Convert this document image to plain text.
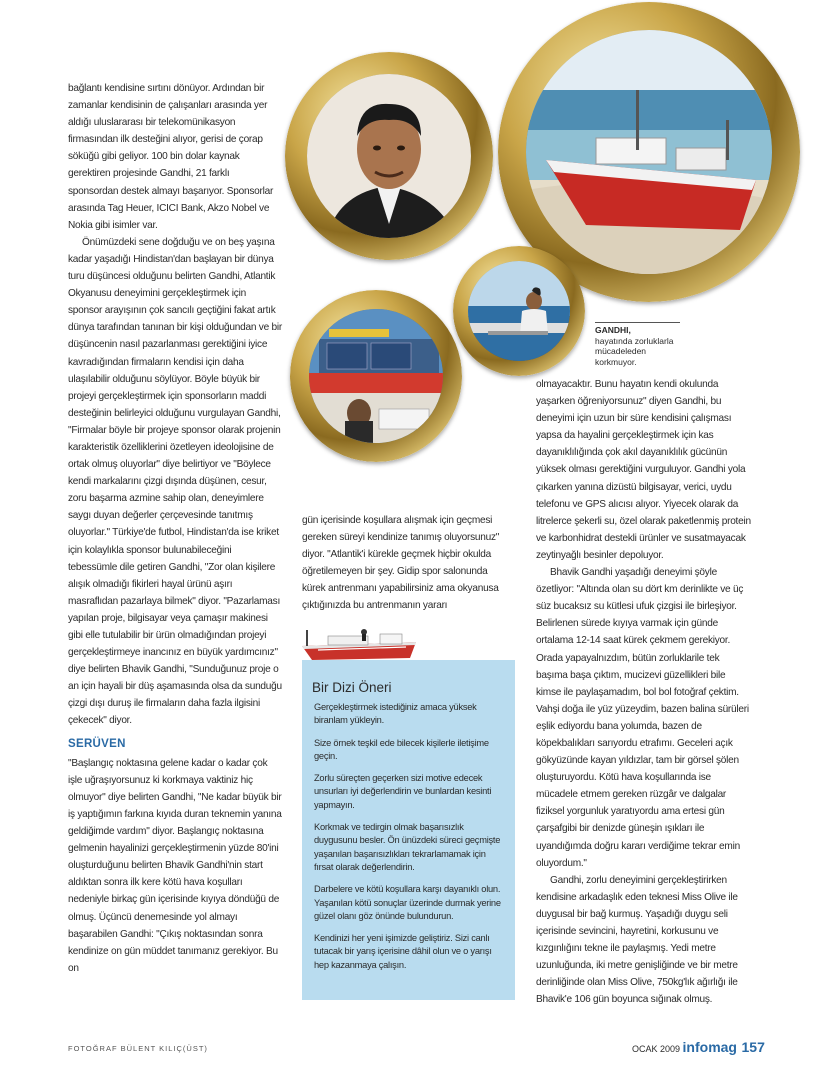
bağlantı kendisine sırtını dönüyor. Ardından bir zamanlar kendisinin de çalışanları arasında yer aldığı uluslararası bir telekomünikasyon firmasından ilk desteğini alıyor, gerisi de çorap söküğü gibi geliyor. 100 bin dolar kaynak gerektiren projesinde Gandhi, 21 farklı sponsordan destek almayı başarıyor. Sponsorlar arasında Tag Heuer, ICICI Bank, Akzo Nobel ve Nokia gibi isimler var.

Önümüzdeki sene doğduğu ve on beş yaşına kadar yaşadığı Hindistan'dan başlayan bir dünya turu düşüncesi olduğunu belirten Gandhi, Atlantik Okyanusu deneyimini gerçekleştirmek için sponsor arayışının çok sancılı geçtiğini fakat artık dünya tarafından tanınan bir kişi olduğundan ve bir düşüncenin nasıl pazarlanması gerektiğini iyice kavradığından firmaların kendisi için daha ulaşılabilir olduğunu söylüyor. Böyle büyük bir projeyi gerçekleştirmek için sponsorların maddi desteğinin belirleyici olduğunu vurgulayan Gandhi, "Firmalar böyle bir projeye sponsor olarak projenin karakteristik özelliklerini özetleyen ideolojisine de ortak olmuş oluyorlar" diye belirtiyor ve "Böylece kendi markalarını çizgi dışında düşünen, cesur, zoru başarma azmine sahip olan, deneyimlere saygı duyan değerler çerçevesinde tanıtmış oluyorlar." Türkiye'de futbol, Hindistan'da ise kriket için kolaylıkla sponsor bulunabileceğini tebessümle dile getiren Gandhi, "Zor olan kişilere alışık olmadığı fikirleri hayal ürünü aşırı masraflıdan pazarlaya bilmek" diyor. "Pazarlaması yapılan proje, bilgisayar veya çamaşır makinesi gibi elle tutulabilir bir ürün olmadığından projeyi gerçekleştirmeye inancınız en büyük yardımcınız" diye belirten Bhavik Gandhi, "Sunduğunuz proje o an için hayali bir düş aşamasında olsa da sunduğu çizgi dışı duruş ile firmaların daha fazla ilgisini çekecek" diyor.

SERÜVEN

"Başlangıç noktasına gelene kadar o kadar çok işle uğraşıyorsunuz ki korkmaya vaktiniz hiç olmuyor" diye belirten Gandhi, "Ne kadar büyük bir iş yaptığımın farkına kıyıda duran teknemin yanına geldiğimde vardım" diyor. Başlangıç noktasına gelmenin hayalinizi gerçekleştirmenin yüzde 80'ini oluşturduğunu belirten Bhavik Gandhi'nin start aldıktan sonra ilk kere kötü hava koşulları nedeniyle birkaç gün içerisinde kıyıya döndüğü de olmuş. Üçüncü denemesinde yol almayı başarabilen Gandhi: "Çıkış noktasından sonra kendinize on gün müddet tanımanız gerekiyor. Bu on

gün içerisinde koşullara alışmak için geçmesi gereken süreyi kendinize tanımış oluyorsunuz" diyor. "Atlantik'i kürekle geçmek hiçbir okulda öğretilemeyen bir şey. Gidip spor salonunda kürek antrenmanı yapabilirsiniz ama okyanusa çıktığınızda bu antrenmanın yararı

olmayacaktır. Bunu hayatın kendi okulunda yaşarken öğreniyorsunuz" diyen Gandhi, bu deneyimi için uzun bir süre kendisini çalışması yapsa da hayalini gerçekleştirmek için kas dayanıklılığında çok akıl dayanıklılık gücünün yüksek olması gerektiğini vurguluyor. Gandhi yola çıkarken yanına dizüstü bilgisayar, verici, uydu telefonu ve GPS alıcısı alıyor. Yiyecek olarak da litrelerce şekerli su, özel olarak paketlenmiş protein ve karbonhidrat destekli ürünler ve susatmayacak zeytinyağlı besinler depoluyor.

Bhavik Gandhi yaşadığı deneyimi şöyle özetliyor: "Altında olan su dört km derinlikte ve üç süz bucaksız su kütlesi ufuk çizgisi ile birleşiyor. Belirlenen sürede kıyıya varmak için günde ortalama 12-14 saat kürek çekmem gerekiyor. Orada yapayalnızdım, bütün zorluklarile tek başıma başa çıktım, mucizevi güzellikleri bile kimse ile paylaşamadım, bol bol fotoğraf çektim. Vahşi doğa ile yüz yüzeydim, bazen balina sürüleri eşlik ediyordu bana yolumda, bazen de köpekbalıkları sarıyordu etrafımı. Geceleri açık gökyüzünde kayan yıldızlar, tam bir görsel şölen oluşturuyordu. Kötü hava koşullarında ise mücadele etmem gereken rüzgâr ve dalgalar fiziksel yorgunluk yaratıyordu ama ertesi gün çarşafgibi bir denizde güneşin ışıkları ile uyandığımda doğru kararı verdiğime tekrar emin oluyordum."

Gandhi, zorlu deneyimini gerçekleştirirken kendisine arkadaşlık eden teknesi Miss Olive ile duygusal bir bağ kurmuş. Yaşadığı duygu seli içerisinde sevincini, hayretini, korkusunu ve kızgınlığını tekne ile paylaşmış. Yedi metre uzunluğunda, iki metre genişliğinde ve bir metre derinliğinde olan Miss Olive, 750kg'lık ağırlığı ile Bhavik'e 106 gün boyunca sığınak olmuş.

Bir Dizi Öneri

Gerçekleştirmek istediğiniz amaca yüksek biranlam yükleyin.

Size örnek teşkil ede bilecek kişilerle iletişime geçin.

Zorlu süreçten geçerken sizi motive edecek unsurları iyi değerlendirin ve bunlardan kesinti yapmayın.

Korkmak ve tedirgin olmak başarısızlık duygusunu besler. Ön ünüzdeki süreci geçmişte yaşanılan başarısızlıkları tekrarlamamak için fırsat olarak değerlendirin.

Darbelere ve kötü koşullara karşı dayanıklı olun. Yaşanılan kötü sonuçlar üzerinde durmak yerine güzel olanı göz önünde bulundurun.

Kendinizi her yeni işimizde geliştiriz. Sizi canlı tutacak bir yarış içerisine dâhil olun ve o yarışı hep kazanmaya çalışın.

GANDHI,
hayatında zorluklarla mücadeleden korkmuyor.
FOTOĞRAF BÜLENT KILIÇ(ÜST)	OCAK 2009 infomag 157
